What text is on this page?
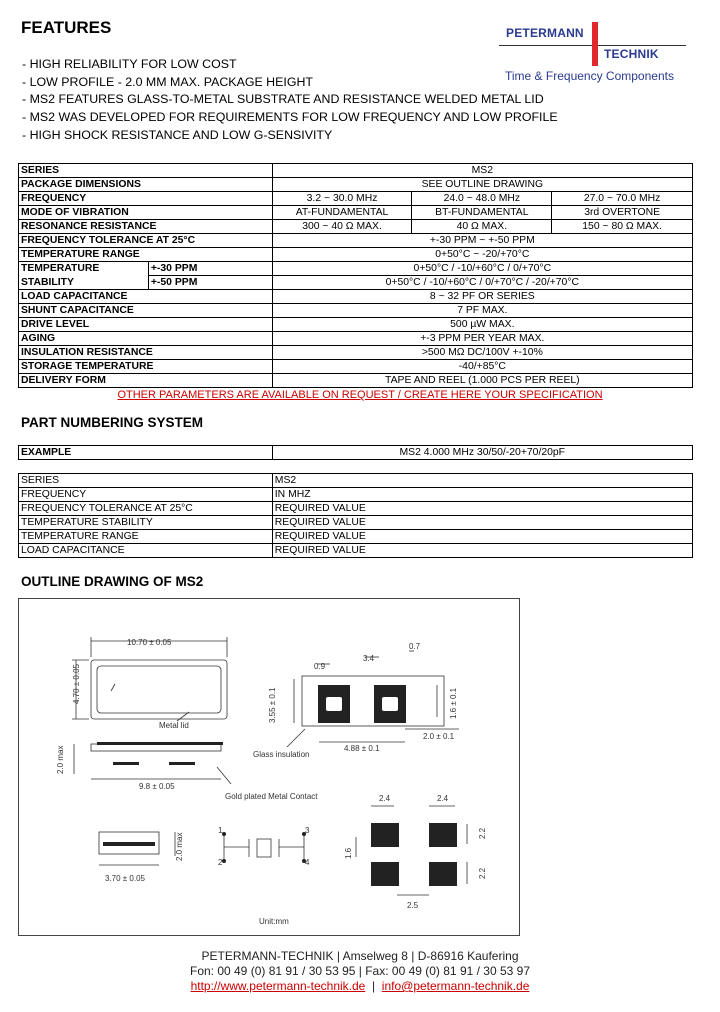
FEATURES	PETERMANN
TECHNIK
Time & Frequency Components
- HIGH RELIABILITY FOR LOW COST
- LOW PROFILE - 2.0 MM MAX. PACKAGE HEIGHT
- MS2 FEATURES GLASS-TO-METAL SUBSTRATE AND RESISTANCE WELDED METAL LID
- MS2 WAS DEVELOPED FOR REQUIREMENTS FOR LOW FREQUENCY AND LOW PROFILE
- HIGH SHOCK RESISTANCE AND LOW G-SENSIVITY
SERIES		MS2		
PACKAGE DIMENSIONS		SEE OUTLINE DRAWING		
FREQUENCY		3.2 ~ 30.0 MHz	24.0 ~ 48.0 MHz	27.0 ~ 70.0 MHz
MODE OF VIBRATION		AT-FUNDAMENTAL	BT-FUNDAMENTAL	3rd OVERTONE
RESONANCE RESISTANCE		300 ~ 40 Ω MAX.	40 Ω MAX.	150 ~ 80 Ω MAX.
FREQUENCY TOLERANCE AT 25°C		+-30 PPM ~ +-50 PPM		
TEMPERATURE RANGE		0+50°C ~ -20/+70°C		
TEMPERATURE	+-30 PPM	0+50°C / -10/+60°C / 0/+70°C		
STABILITY	+-50 PPM	0+50°C / -10/+60°C / 0/+70°C / -20/+70°C		
LOAD CAPACITANCE		8 ~ 32 PF OR SERIES		
SHUNT CAPACITANCE		7 PF MAX.		
DRIVE LEVEL		500 µW MAX.		
AGING		+-3 PPM PER YEAR MAX.		
INSULATION RESISTANCE		>500 MΩ DC/100V +-10%		
STORAGE TEMPERATURE		-40/+85°C		
DELIVERY FORM		TAPE AND REEL (1.000 PCS PER REEL)		
OTHER PARAMETERS ARE AVAILABLE ON REQUEST / CREATE HERE YOUR SPECIFICATION
PART NUMBERING SYSTEM
EXAMPLE	MS2 4.000 MHz 30/50/-20+70/20pF
SERIES	MS2
FREQUENCY	IN MHZ
FREQUENCY TOLERANCE AT 25°C	REQUIRED VALUE
TEMPERATURE STABILITY	REQUIRED VALUE
TEMPERATURE RANGE	REQUIRED VALUE
LOAD CAPACITANCE	REQUIRED VALUE
OUTLINE DRAWING OF MS2
10.70 ± 0.05
4.70 ± 0.05
Metal lid
2.0 max
9.8 ± 0.05
Gold plated Metal Contact
Glass insulation
0.9
3.4
0.7
3.55 ± 0.1	1.6 ± 0.1
2.0 ± 0.1
4.88 ± 0.1
2.0 max
3.70 ± 0.05
1
2
3
4
2.4	2.4
1.6
2.2
2.2
2.5
Unit:mm
PETERMANN-TECHNIK | Amselweg 8 | D-86916 Kaufering
Fon: 00 49 (0) 81 91 / 30 53 95 | Fax: 00 49 (0) 81 91 / 30 53 97
http://www.petermann-technik.de  |  info@petermann-technik.de
